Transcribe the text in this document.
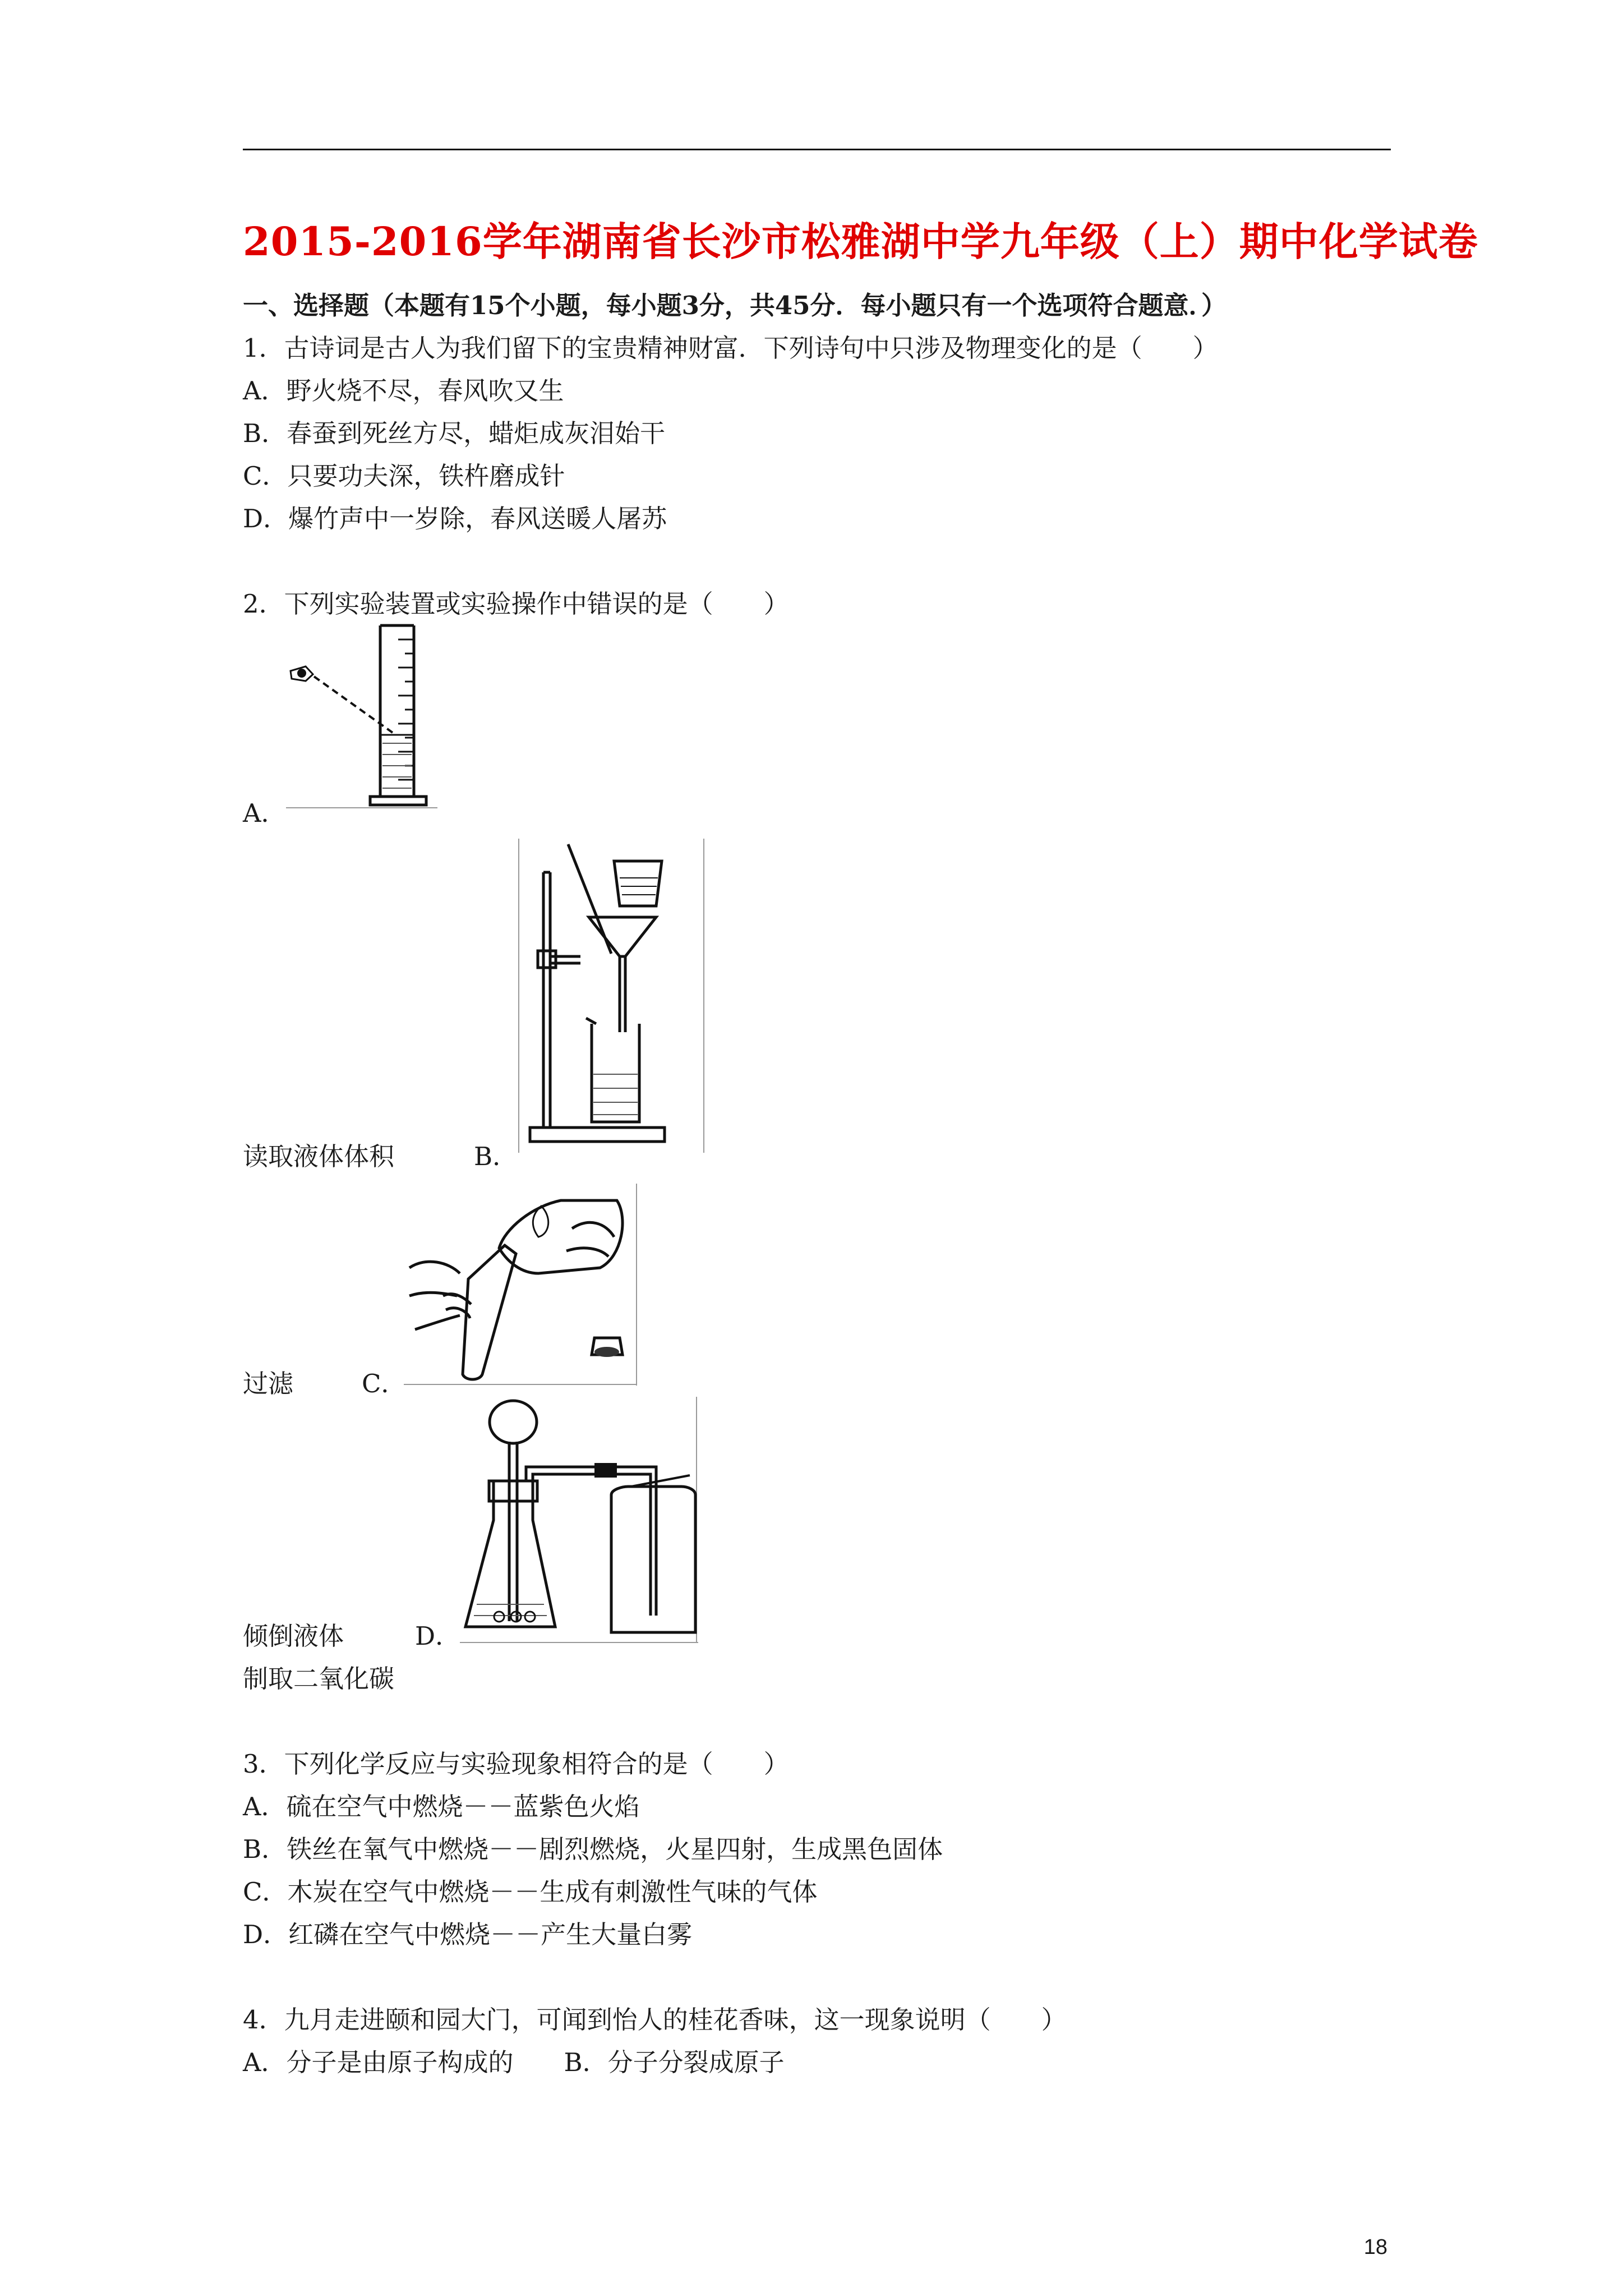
2015-2016学年湖南省长沙市松雅湖中学九年级（上）期中化学试卷
一、选择题（本题有15个小题，每小题3分，共45分．每小题只有一个选项符合题意．）
1．古诗词是古人为我们留下的宝贵精神财富．下列诗句中只涉及物理变化的是（　　）
A．野火烧不尽，春风吹又生
B．春蚕到死丝方尽，蜡炬成灰泪始干
C．只要功夫深，铁杵磨成针
D．爆竹声中一岁除，春风送暖人屠苏
2．下列实验装置或实验操作中错误的是（　　）
A．
读取液体体积	B．
过滤	C．
倾倒液体	D．
制取二氧化碳
3．下列化学反应与实验现象相符合的是（　　）
A．硫在空气中燃烧－－蓝紫色火焰
B．铁丝在氧气中燃烧－－剧烈燃烧，火星四射，生成黑色固体
C．木炭在空气中燃烧－－生成有刺激性气味的气体
D．红磷在空气中燃烧－－产生大量白雾
4．九月走进颐和园大门，可闻到怡人的桂花香味，这一现象说明（　　）
A．分子是由原子构成的　　B．分子分裂成原子
18
